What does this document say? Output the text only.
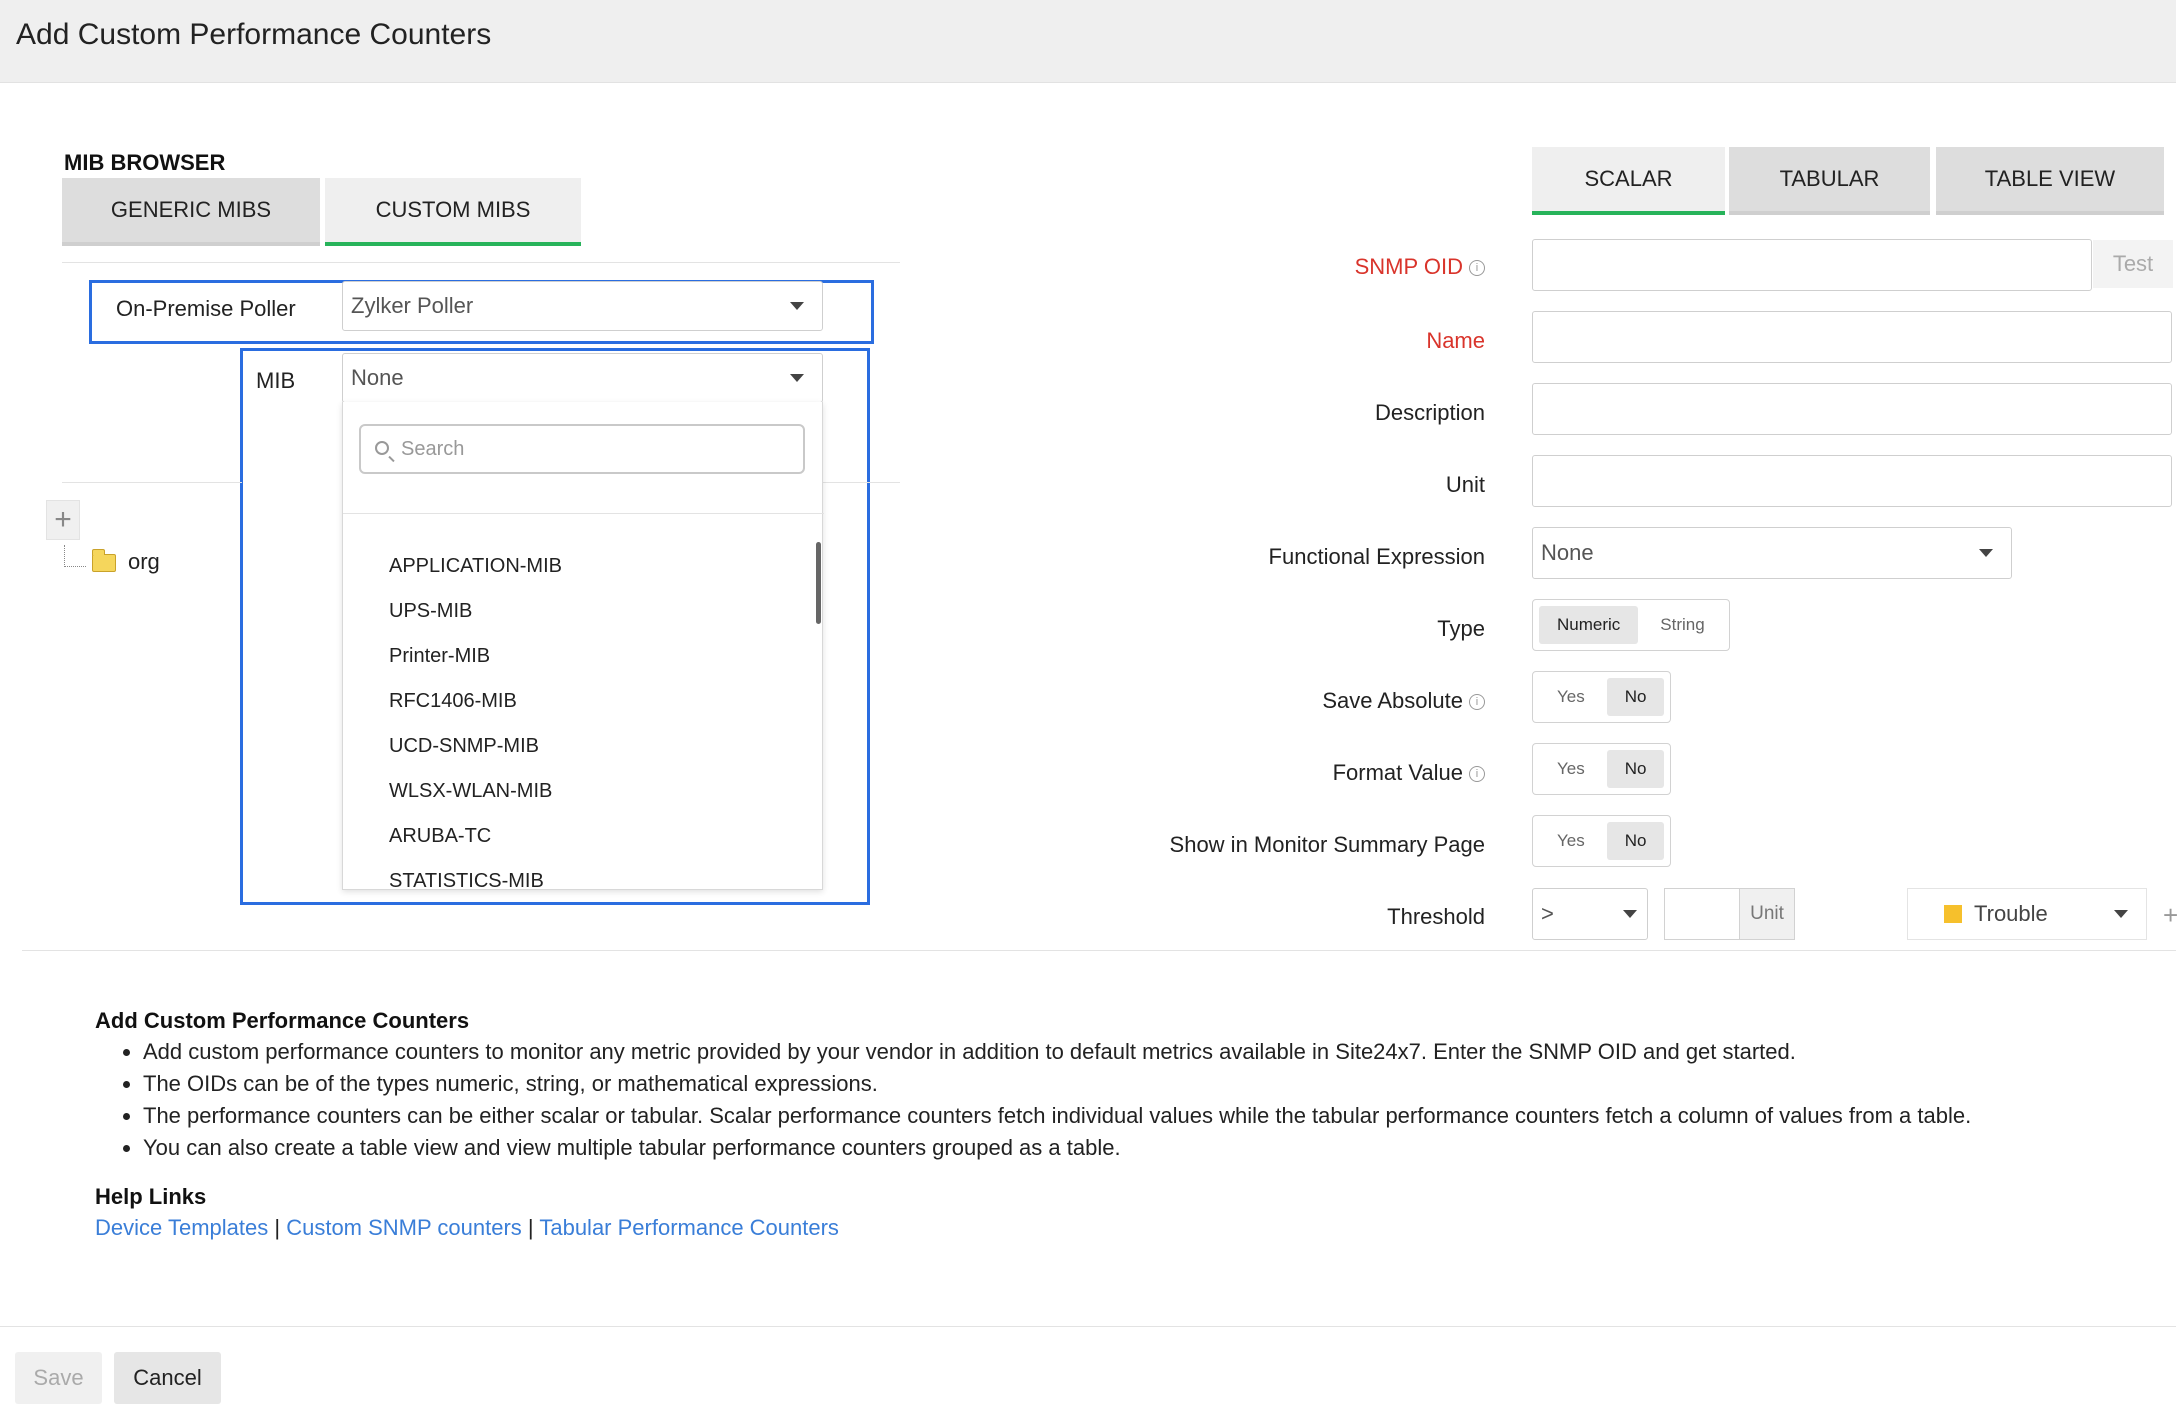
Add Custom Performance Counters
MIB BROWSER
GENERIC MIBS	CUSTOM MIBS
On-Premise Poller	Zylker Poller
MIB	None
Search
APPLICATION-MIB
UPS-MIB
Printer-MIB
RFC1406-MIB
UCD-SNMP-MIB
WLSX-WLAN-MIB
ARUBA-TC
STATISTICS-MIB
+
org
SCALAR	TABULAR	TABLE VIEW
SNMP OID i	Test
Name
Description
Unit
Functional Expression	None
Type	Numeric	String
Save Absolute i	Yes	No
Format Value i	Yes	No
Show in Monitor Summary Page	Yes	No
Threshold	>	Unit	Trouble	+
Add Custom Performance Counters
• Add custom performance counters to monitor any metric provided by your vendor in addition to default metrics available in Site24x7. Enter the SNMP OID and get started.
• The OIDs can be of the types numeric, string, or mathematical expressions.
• The performance counters can be either scalar or tabular. Scalar performance counters fetch individual values while the tabular performance counters fetch a column of values from a table.
• You can also create a table view and view multiple tabular performance counters grouped as a table.
Help Links
Device Templates | Custom SNMP counters | Tabular Performance Counters
Save	Cancel
